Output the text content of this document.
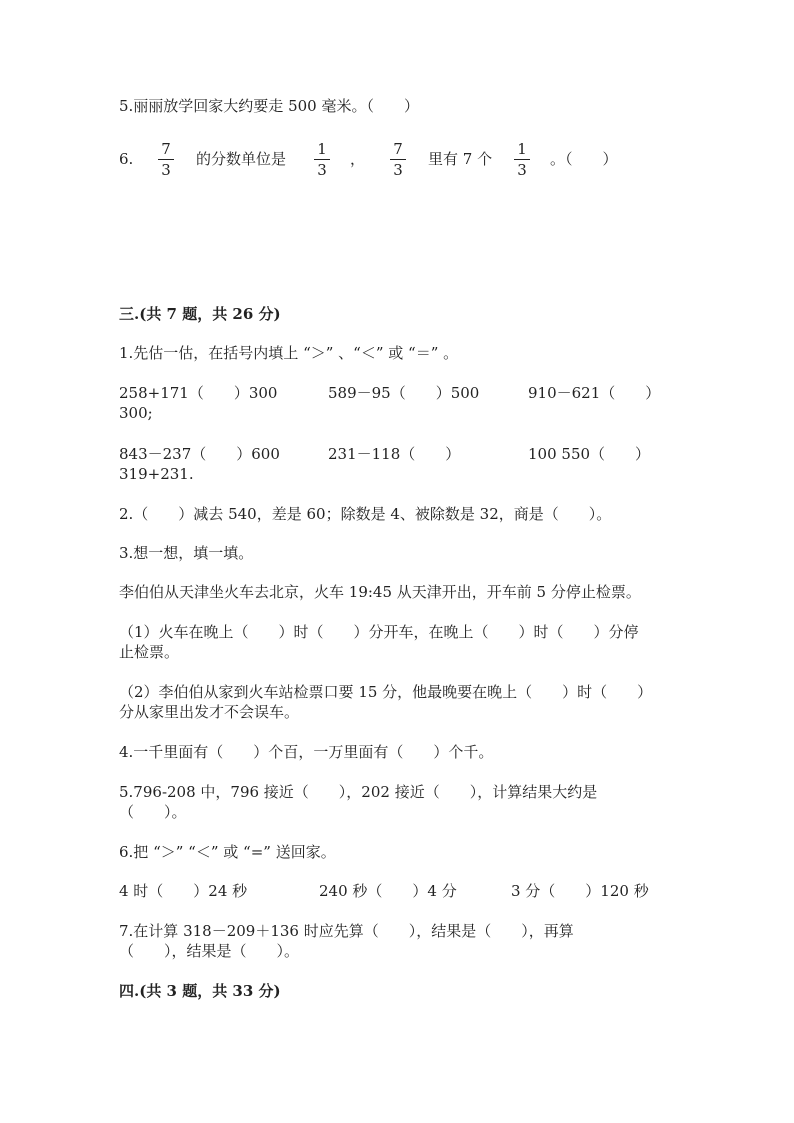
5.丽丽放学回家大约要走 500 毫米。（　　）
6.
7
3
的分数单位是
1
3
，
7
3
里有 7 个
1
3
。（　　）
三.(共 7 题，共 26 分)
1.先估一估，在括号内填上 “＞” 、“＜” 或 “＝” 。
258+171（　　）300	589－95（　　）500	910－621（　　）
300;
843－237（　　）600	231－118（　　）	100 550（　　）
319+231.
2.（　　）减去 540，差是 60；除数是 4、被除数是 32，商是（　　）。
3.想一想，填一填。
李伯伯从天津坐火车去北京，火车 19:45 从天津开出，开车前 5 分停止检票。
（1）火车在晚上（　　）时（　　）分开车，在晚上（　　）时（　　）分停
止检票。
（2）李伯伯从家到火车站检票口要 15 分，他最晚要在晚上（　　）时（　　）
分从家里出发才不会误车。
4.一千里面有（　　）个百，一万里面有（　　）个千。
5.796-208 中，796 接近（　　），202 接近（　　），计算结果大约是
（　　）。
6.把 “＞” “＜” 或 “=” 送回家。
4 时（　　）24 秒	240 秒（　　）4 分	3 分（　　）120 秒
7.在计算 318－209＋136 时应先算（　　），结果是（　　），再算
（　　），结果是（　　）。
四.(共 3 题，共 33 分)
